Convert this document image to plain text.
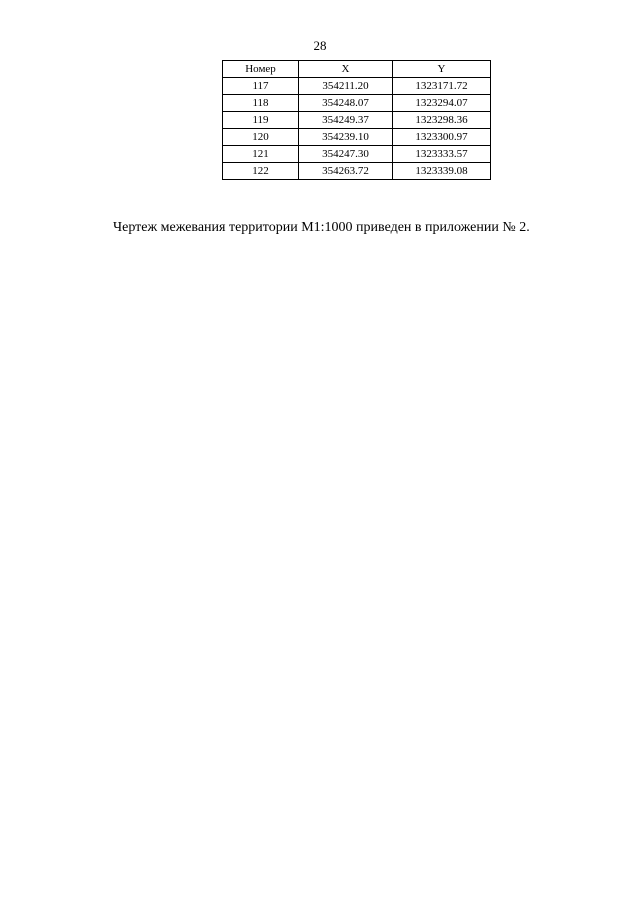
28
Номер	X	Y
117	354211.20	1323171.72
118	354248.07	1323294.07
119	354249.37	1323298.36
120	354239.10	1323300.97
121	354247.30	1323333.57
122	354263.72	1323339.08
Чертеж межевания территории М1:1000 приведен в приложении № 2.
